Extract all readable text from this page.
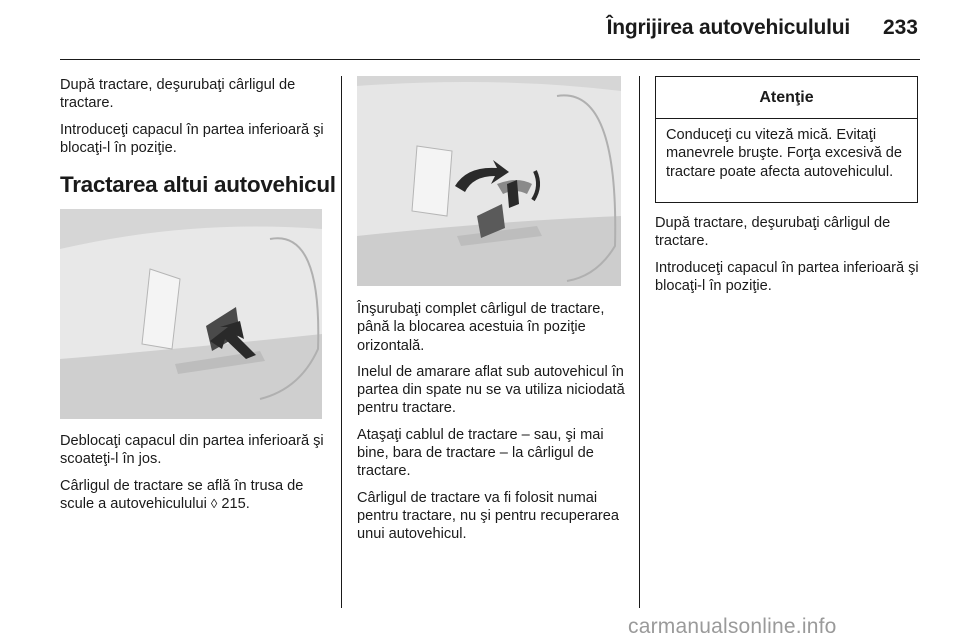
Îngrijirea autovehiculului 233

După tractare, deşurubaţi cârligul de tractare.

Introduceţi capacul în partea inferioară şi blocaţi-l în poziţie.

Tractarea altui autovehicul

Deblocaţi capacul din partea inferioară şi scoateţi-l în jos.

Cârligul de tractare se află în trusa de scule a autovehiculului ◊ 215.

Înşurubaţi complet cârligul de tractare, până la blocarea acestuia în poziţie orizontală.

Inelul de amarare aflat sub autovehicul în partea din spate nu se va utiliza niciodată pentru tractare.

Ataşaţi cablul de tractare – sau, şi mai bine, bara de tractare – la cârligul de tractare.

Cârligul de tractare va fi folosit numai pentru tractare, nu şi pentru recuperarea unui autovehicul.

Atenţie
Conduceţi cu viteză mică. Evitaţi manevrele bruşte. Forţa excesivă de tractare poate afecta autovehiculul.

După tractare, deşurubaţi cârligul de tractare.

Introduceţi capacul în partea inferioară şi blocaţi-l în poziţie.

carmanualsonline.info
